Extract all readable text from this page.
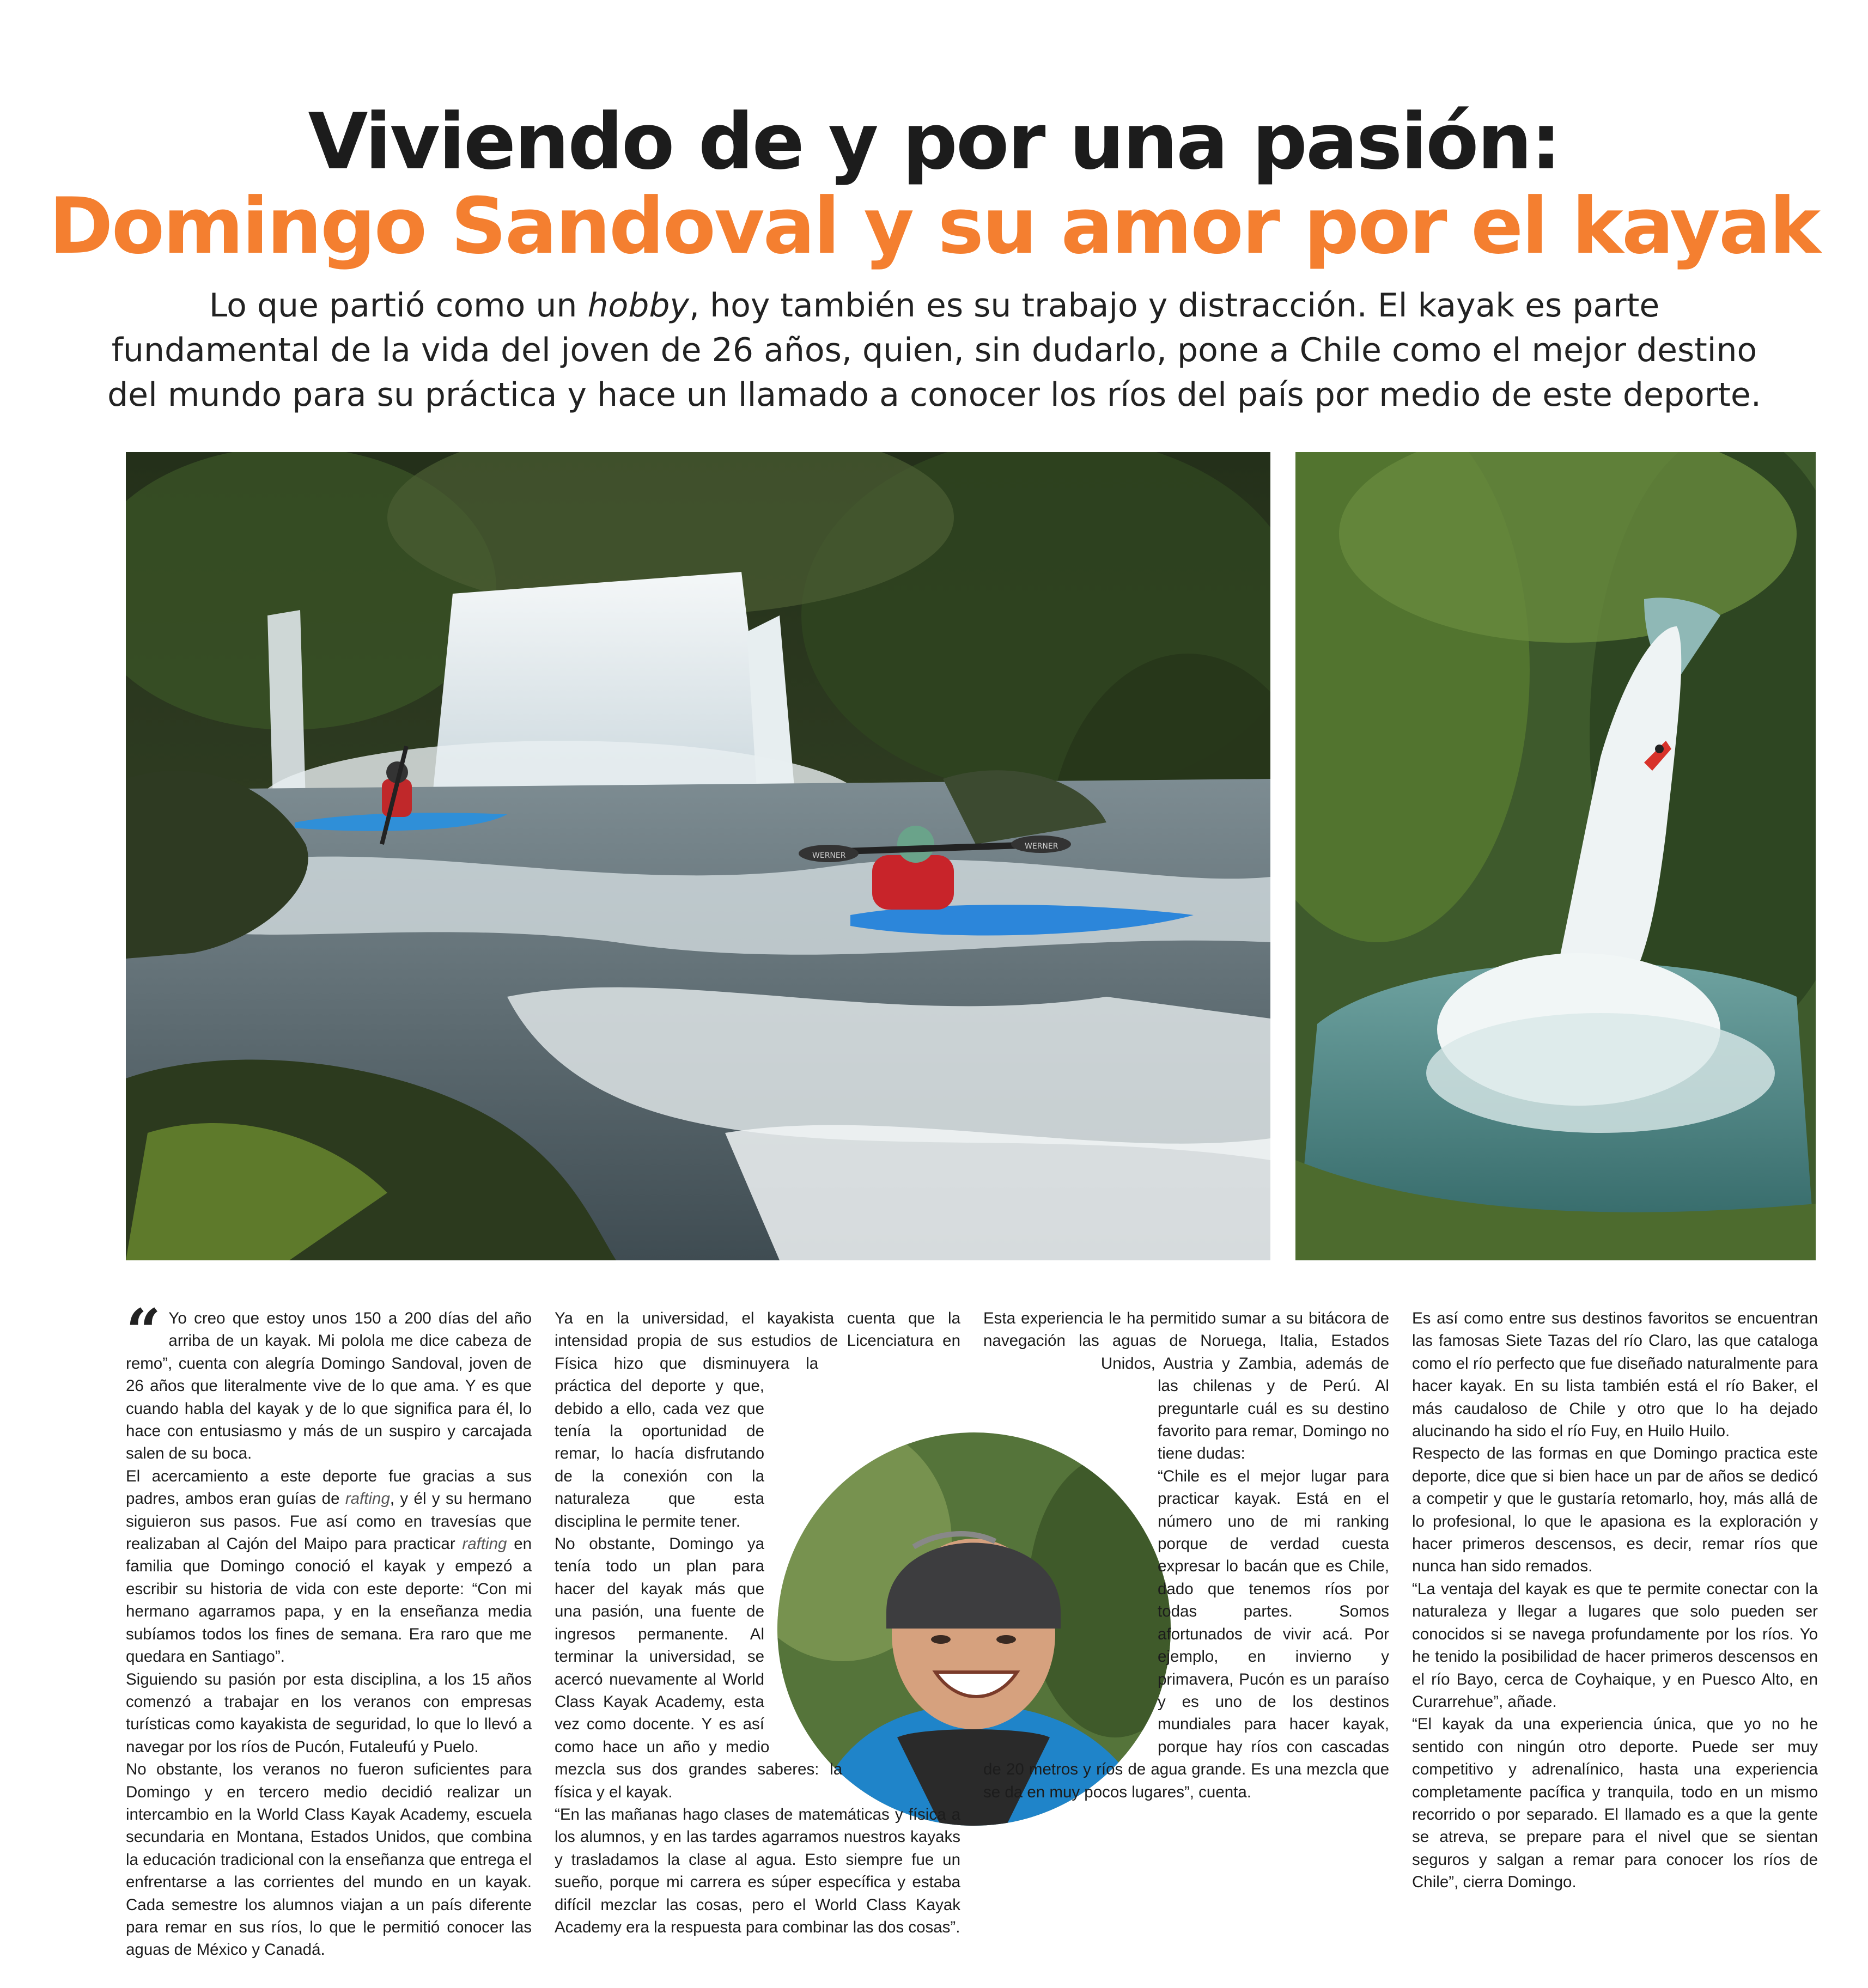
Viviendo de y por una pasión:
Domingo Sandoval y su amor por el kayak

Lo que partió como un hobby, hoy también es su trabajo y distracción. El kayak es parte fundamental de la vida del joven de 26 años, quien, sin dudarlo, pone a Chile como el mejor destino del mundo para su práctica y hace un llamado a conocer los ríos del país por medio de este deporte.

WERNER
WERNER
“ Yo creo que estoy unos 150 a 200 días del año arriba de un kayak. Mi polola me dice cabeza de remo”, cuenta con alegría Domingo Sandoval, joven de 26 años que literalmente vive de lo que ama. Y es que cuando habla del kayak y de lo que significa para él, lo hace con entusiasmo y más de un suspiro y carcajada salen de su boca.

El acercamiento a este deporte fue gracias a sus padres, ambos eran guías de rafting, y él y su hermano siguieron sus pasos. Fue así como en travesías que realizaban al Cajón del Maipo para practicar rafting en familia que Domingo conoció el kayak y empezó a escribir su historia de vida con este deporte: “Con mi hermano agarramos papa, y en la enseñanza media subíamos todos los fines de semana. Era raro que me quedara en Santiago”.

Siguiendo su pasión por esta disciplina, a los 15 años comenzó a trabajar en los veranos con empresas turísticas como kayakista de seguridad, lo que lo llevó a navegar por los ríos de Pucón, Futaleufú y Puelo.

No obstante, los veranos no fueron suficientes para Domingo y en tercero medio decidió realizar un intercambio en la World Class Kayak Academy, escuela secundaria en Montana, Estados Unidos, que combina la educación tradicional con la enseñanza que entrega el enfrentarse a las corrientes del mundo en un kayak. Cada semestre los alumnos viajan a un país diferente para remar en sus ríos, lo que le permitió conocer las aguas de México y Canadá.

Ya en la universidad, el kayakista cuenta que la intensidad propia de sus estudios de Licenciatura en Física hizo que disminuyera la práctica del deporte y que, debido a ello, cada vez que tenía la oportunidad de remar, lo hacía disfrutando de la conexión con la naturaleza que esta disciplina le permite tener.

No obstante, Domingo ya tenía todo un plan para hacer del kayak más que una pasión, una fuente de ingresos permanente. Al terminar la universidad, se acercó nuevamente al World Class Kayak Academy, esta vez como docente. Y es así como hace un año y medio mezcla sus dos grandes saberes: la física y el kayak.

“En las mañanas hago clases de matemáticas y física a los alumnos, y en las tardes agarramos nuestros kayaks y trasladamos la clase al agua. Esto siempre fue un sueño, porque mi carrera es súper específica y estaba difícil mezclar las cosas, pero el World Class Kayak Academy era la respuesta para combinar las dos cosas”.

Esta experiencia le ha permitido sumar a su bitácora de navegación las aguas de Noruega, Italia, Estados Unidos, Austria y Zambia, además de las chilenas y de Perú. Al preguntarle cuál es su destino favorito para remar, Domingo no tiene dudas:

“Chile es el mejor lugar para practicar kayak. Está en el número uno de mi ranking porque de verdad cuesta expresar lo bacán que es Chile, dado que tenemos ríos por todas partes. Somos afortunados de vivir acá. Por ejemplo, en invierno y primavera, Pucón es un paraíso y es uno de los destinos mundiales para hacer kayak, porque hay ríos con cascadas de 20 metros y ríos de agua grande. Es una mezcla que se da en muy pocos lugares”, cuenta.

Es así como entre sus destinos favoritos se encuentran las famosas Siete Tazas del río Claro, las que cataloga como el río perfecto que fue diseñado naturalmente para hacer kayak. En su lista también está el río Baker, el más caudaloso de Chile y otro que lo ha dejado alucinando ha sido el río Fuy, en Huilo Huilo.

Respecto de las formas en que Domingo practica este deporte, dice que si bien hace un par de años se dedicó a competir y que le gustaría retomarlo, hoy, más allá de lo profesional, lo que le apasiona es la exploración y hacer primeros descensos, es decir, remar ríos que nunca han sido remados.

“La ventaja del kayak es que te permite conectar con la naturaleza y llegar a lugares que solo pueden ser conocidos si se navega profundamente por los ríos. Yo he tenido la posibilidad de hacer primeros descensos en el río Bayo, cerca de Coyhaique, y en Puesco Alto, en Curarrehue”, añade.

“El kayak da una experiencia única, que yo no he sentido con ningún otro deporte. Puede ser muy competitivo y adrenalínico, hasta una experiencia completamente pacífica y tranquila, todo en un mismo recorrido o por separado. El llamado es a que la gente se atreva, se prepare para el nivel que se sientan seguros y salgan a remar para conocer los ríos de Chile”, cierra Domingo.
